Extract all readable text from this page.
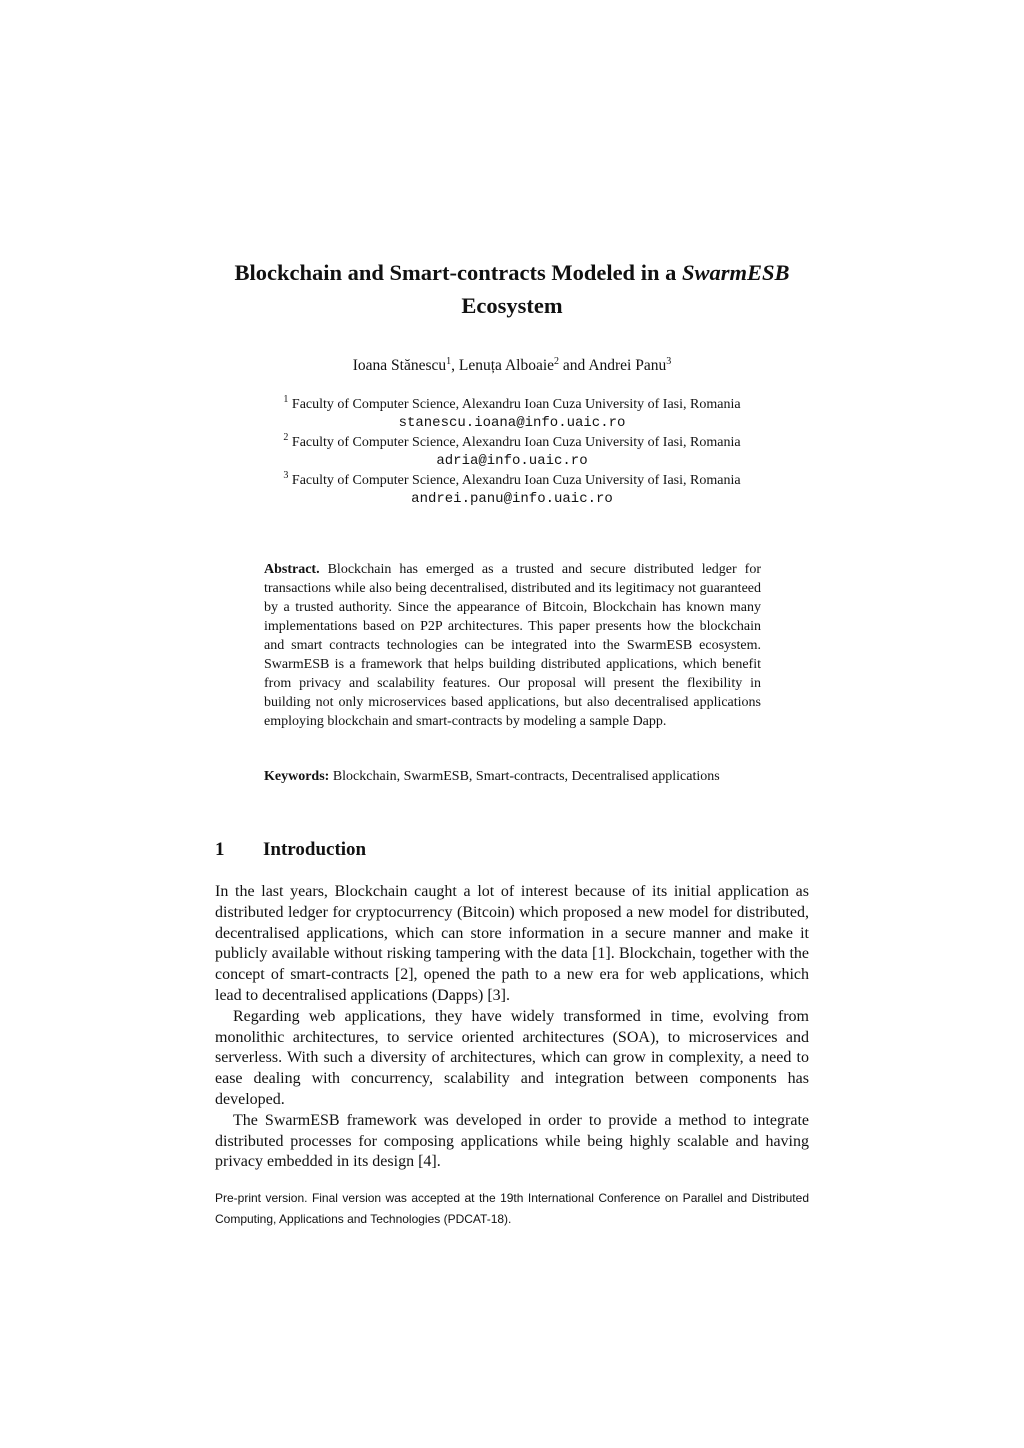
Blockchain and Smart-contracts Modeled in a SwarmESB
Ecosystem
Ioana Stănescu$^1$, Lenuța Alboaie$^2$ and Andrei Panu$^3$
$^1$ Faculty of Computer Science, Alexandru Ioan Cuza University of Iasi, Romania
stanescu.ioana@info.uaic.ro
$^2$ Faculty of Computer Science, Alexandru Ioan Cuza University of Iasi, Romania
adria@info.uaic.ro
$^3$ Faculty of Computer Science, Alexandru Ioan Cuza University of Iasi, Romania
andrei.panu@info.uaic.ro
Abstract. Blockchain has emerged as a trusted and secure distributed ledger for transactions while also being decentralised, distributed and its legitimacy not guaranteed by a trusted authority. Since the appearance of Bitcoin, Blockchain has known many implementations based on P2P architectures. This paper presents how the blockchain and smart contracts technologies can be integrated into the SwarmESB ecosystem. SwarmESB is a framework that helps building distributed applications, which benefit from privacy and scalability features. Our proposal will present the flexibility in building not only microservices based applications, but also decentralised applications employing blockchain and smart-contracts by modeling a sample Dapp.
Keywords: Blockchain, SwarmESB, Smart-contracts, Decentralised applications
1 Introduction

In the last years, Blockchain caught a lot of interest because of its initial application as distributed ledger for cryptocurrency (Bitcoin) which proposed a new model for distributed, decentralised applications, which can store information in a secure manner and make it publicly available without risking tampering with the data [1]. Blockchain, together with the concept of smart-contracts [2], opened the path to a new era for web applications, which lead to decentralised applications (Dapps) [3].

Regarding web applications, they have widely transformed in time, evolving from monolithic architectures, to service oriented architectures (SOA), to microservices and serverless. With such a diversity of architectures, which can grow in complexity, a need to ease dealing with concurrency, scalability and integration between components has developed.

The SwarmESB framework was developed in order to provide a method to integrate distributed processes for composing applications while being highly scalable and having privacy embedded in its design [4].

Pre-print version. Final version was accepted at the 19th International Conference on Parallel and Distributed Computing, Applications and Technologies (PDCAT-18).
